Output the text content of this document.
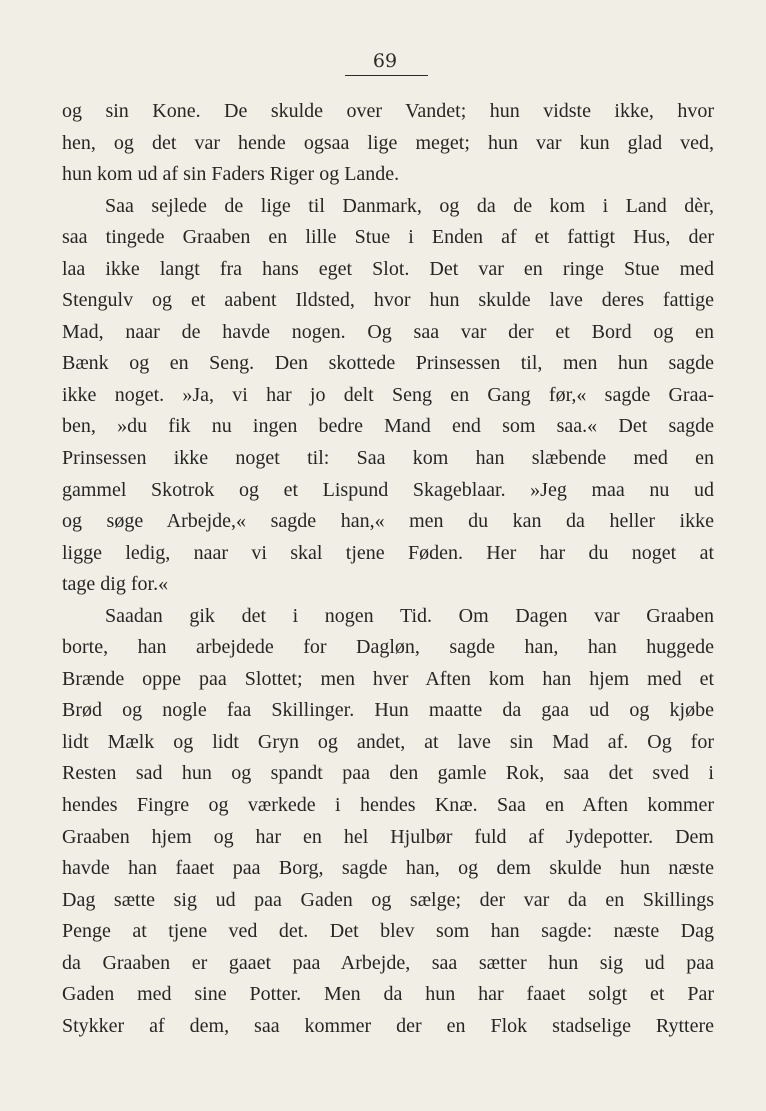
69
og sin Kone. De skulde over Vandet; hun vidste ikke, hvor
hen, og det var hende ogsaa lige meget; hun var kun glad ved,
hun kom ud af sin Faders Riger og Lande.
Saa sejlede de lige til Danmark, og da de kom i Land dèr,
saa tingede Graaben en lille Stue i Enden af et fattigt Hus, der
laa ikke langt fra hans eget Slot. Det var en ringe Stue med
Stengulv og et aabent Ildsted, hvor hun skulde lave deres fattige
Mad, naar de havde nogen. Og saa var der et Bord og en
Bænk og en Seng. Den skottede Prinsessen til, men hun sagde
ikke noget. »Ja, vi har jo delt Seng en Gang før,« sagde Graa-
ben, »du fik nu ingen bedre Mand end som saa.« Det sagde
Prinsessen ikke noget til: Saa kom han slæbende med en
gammel Skotrok og et Lispund Skageblaar. »Jeg maa nu ud
og søge Arbejde,« sagde han,« men du kan da heller ikke
ligge ledig, naar vi skal tjene Føden. Her har du noget at
tage dig for.«
Saadan gik det i nogen Tid. Om Dagen var Graaben
borte, han arbejdede for Dagløn, sagde han, han huggede
Brænde oppe paa Slottet; men hver Aften kom han hjem med et
Brød og nogle faa Skillinger. Hun maatte da gaa ud og kjøbe
lidt Mælk og lidt Gryn og andet, at lave sin Mad af. Og for
Resten sad hun og spandt paa den gamle Rok, saa det sved i
hendes Fingre og værkede i hendes Knæ. Saa en Aften kommer
Graaben hjem og har en hel Hjulbør fuld af Jydepotter. Dem
havde han faaet paa Borg, sagde han, og dem skulde hun næste
Dag sætte sig ud paa Gaden og sælge; der var da en Skillings
Penge at tjene ved det. Det blev som han sagde: næste Dag
da Graaben er gaaet paa Arbejde, saa sætter hun sig ud paa
Gaden med sine Potter. Men da hun har faaet solgt et Par
Stykker af dem, saa kommer der en Flok stadselige Ryttere
